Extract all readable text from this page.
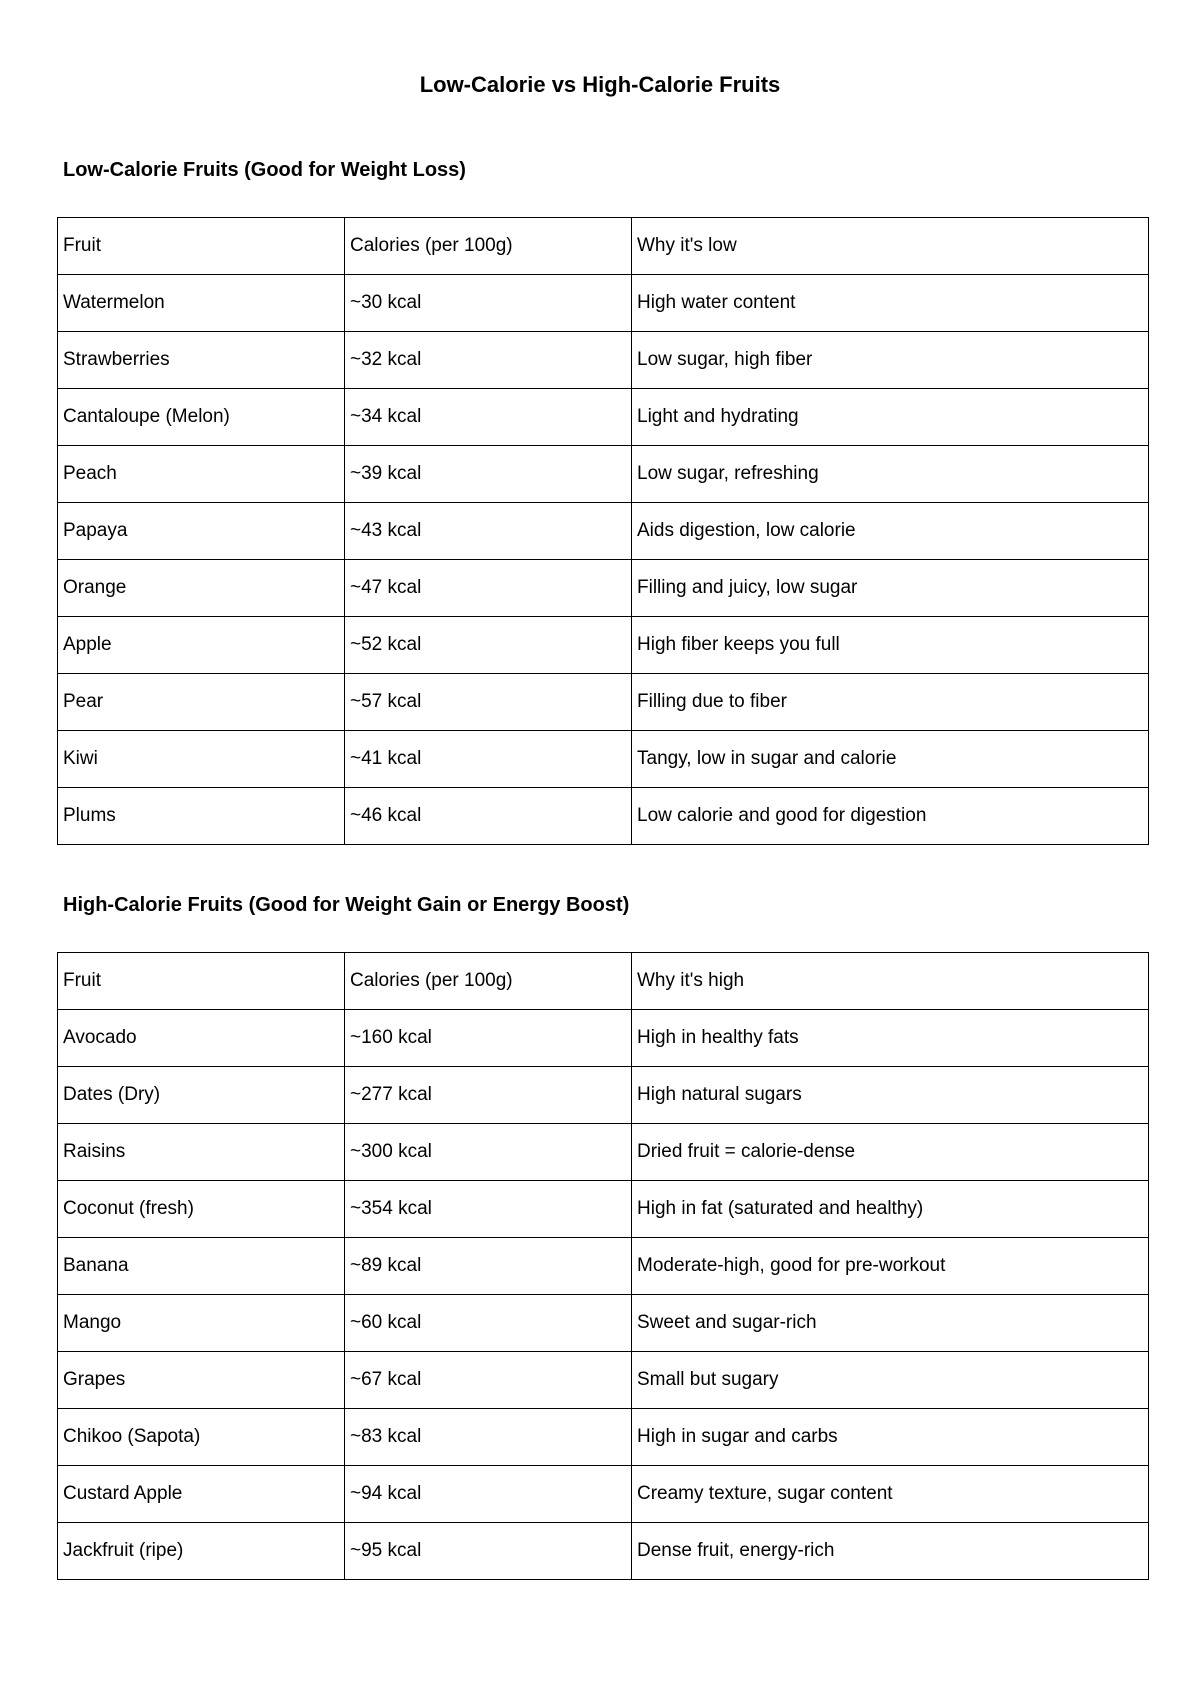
Low-Calorie vs High-Calorie Fruits
Low-Calorie Fruits (Good for Weight Loss)
Fruit	Calories (per 100g)	Why it's low
Watermelon	~30 kcal	High water content
Strawberries	~32 kcal	Low sugar, high fiber
Cantaloupe (Melon)	~34 kcal	Light and hydrating
Peach	~39 kcal	Low sugar, refreshing
Papaya	~43 kcal	Aids digestion, low calorie
Orange	~47 kcal	Filling and juicy, low sugar
Apple	~52 kcal	High fiber keeps you full
Pear	~57 kcal	Filling due to fiber
Kiwi	~41 kcal	Tangy, low in sugar and calorie
Plums	~46 kcal	Low calorie and good for digestion
High-Calorie Fruits (Good for Weight Gain or Energy Boost)
Fruit	Calories (per 100g)	Why it's high
Avocado	~160 kcal	High in healthy fats
Dates (Dry)	~277 kcal	High natural sugars
Raisins	~300 kcal	Dried fruit = calorie-dense
Coconut (fresh)	~354 kcal	High in fat (saturated and healthy)
Banana	~89 kcal	Moderate-high, good for pre-workout
Mango	~60 kcal	Sweet and sugar-rich
Grapes	~67 kcal	Small but sugary
Chikoo (Sapota)	~83 kcal	High in sugar and carbs
Custard Apple	~94 kcal	Creamy texture, sugar content
Jackfruit (ripe)	~95 kcal	Dense fruit, energy-rich
